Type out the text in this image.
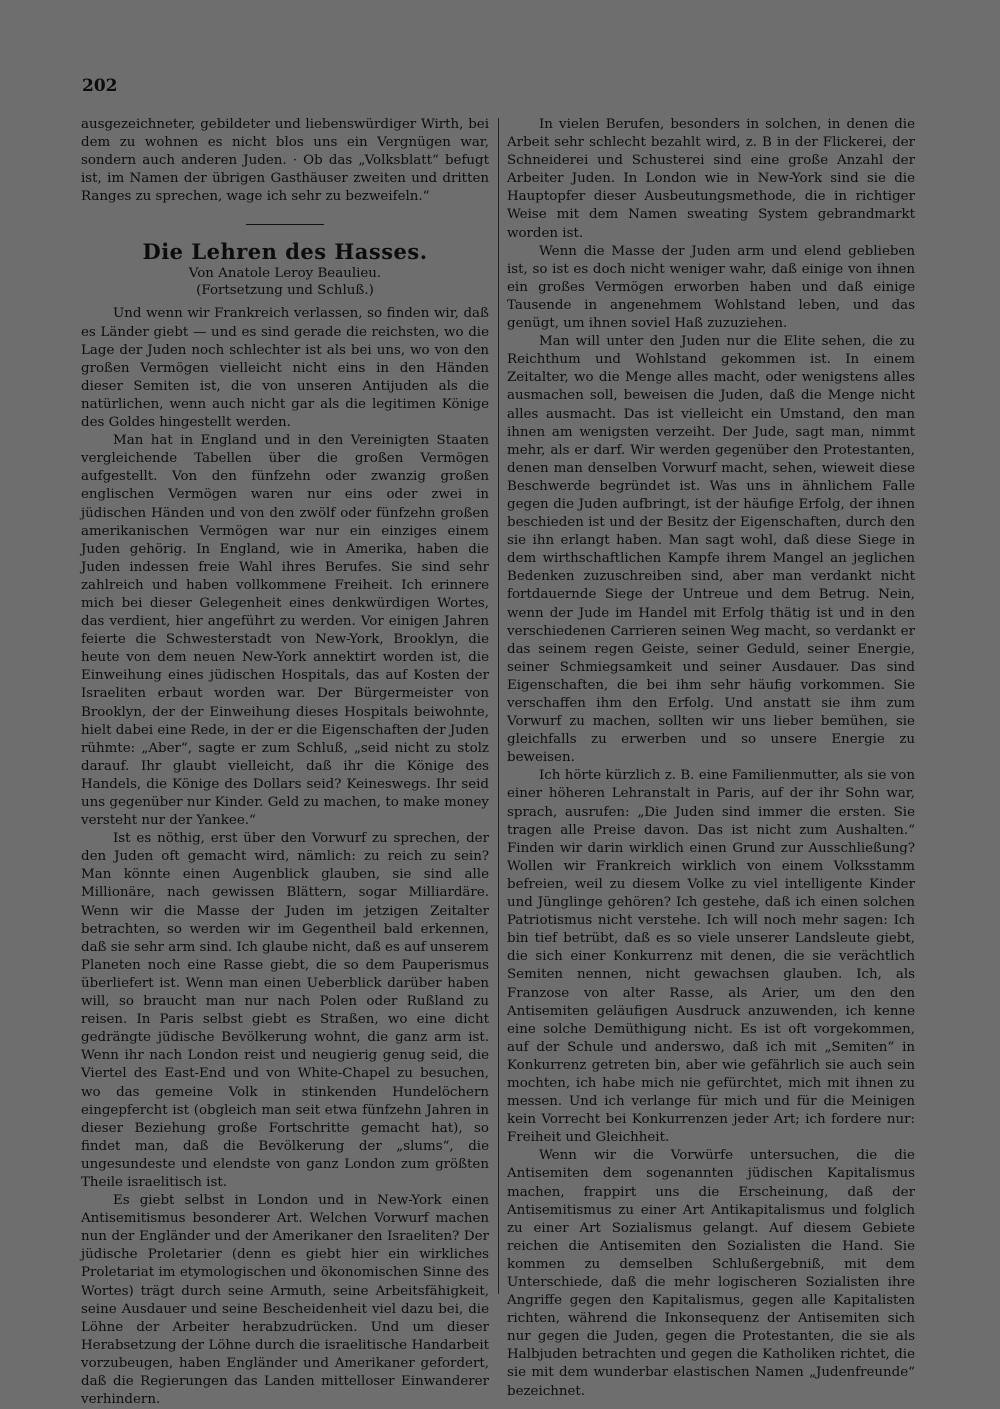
202

ausgezeichneter, gebildeter und liebenswürdiger Wirth, bei dem zu wohnen es nicht blos uns ein Vergnügen war, sondern auch anderen Juden. · Ob das „Volksblatt“ befugt ist, im Namen der übrigen Gasthäuser zweiten und dritten Ranges zu sprechen, wage ich sehr zu bezweifeln.“

Die Lehren des Hasses.

Von Anatole Leroy Beaulieu.

(Fortsetzung und Schluß.)

Und wenn wir Frankreich verlassen, so finden wir, daß es Länder giebt — und es sind gerade die reichsten, wo die Lage der Juden noch schlechter ist als bei uns, wo von den großen Vermögen vielleicht nicht eins in den Händen dieser Semiten ist, die von unseren Antijuden als die natürlichen, wenn auch nicht gar als die legitimen Könige des Goldes hingestellt werden.

Man hat in England und in den Vereinigten Staaten vergleichende Tabellen über die großen Vermögen aufgestellt. Von den fünfzehn oder zwanzig großen englischen Vermögen waren nur eins oder zwei in jüdischen Händen und von den zwölf oder fünfzehn großen amerikanischen Vermögen war nur ein einziges einem Juden gehörig. In England, wie in Amerika, haben die Juden indessen freie Wahl ihres Berufes. Sie sind sehr zahlreich und haben vollkommene Freiheit. Ich erinnere mich bei dieser Gelegenheit eines denkwürdigen Wortes, das verdient, hier angeführt zu werden. Vor einigen Jahren feierte die Schwesterstadt von New-York, Brooklyn, die heute von dem neuen New-York annektirt worden ist, die Einweihung eines jüdischen Hospitals, das auf Kosten der Israeliten erbaut worden war. Der Bürgermeister von Brooklyn, der der Einweihung dieses Hospitals beiwohnte, hielt dabei eine Rede, in der er die Eigenschaften der Juden rühmte: „Aber“, sagte er zum Schluß, „seid nicht zu stolz darauf. Ihr glaubt vielleicht, daß ihr die Könige des Handels, die Könige des Dollars seid? Keineswegs. Ihr seid uns gegenüber nur Kinder. Geld zu machen, to make money versteht nur der Yankee.“

Ist es nöthig, erst über den Vorwurf zu sprechen, der den Juden oft gemacht wird, nämlich: zu reich zu sein? Man könnte einen Augenblick glauben, sie sind alle Millionäre, nach gewissen Blättern, sogar Milliardäre. Wenn wir die Masse der Juden im jetzigen Zeitalter betrachten, so werden wir im Gegentheil bald erkennen, daß sie sehr arm sind. Ich glaube nicht, daß es auf unserem Planeten noch eine Rasse giebt, die so dem Pauperismus überliefert ist. Wenn man einen Ueberblick darüber haben will, so braucht man nur nach Polen oder Rußland zu reisen. In Paris selbst giebt es Straßen, wo eine dicht gedrängte jüdische Bevölkerung wohnt, die ganz arm ist. Wenn ihr nach London reist und neugierig genug seid, die Viertel des East-End und von White-Chapel zu besuchen, wo das gemeine Volk in stinkenden Hundelöchern eingepfercht ist (obgleich man seit etwa fünfzehn Jahren in dieser Beziehung große Fortschritte gemacht hat), so findet man, daß die Bevölkerung der „slums“, die ungesundeste und elendste von ganz London zum größten Theile israelitisch ist.

Es giebt selbst in London und in New-York einen Antisemitismus besonderer Art. Welchen Vorwurf machen nun der Engländer und der Amerikaner den Israeliten? Der jüdische Proletarier (denn es giebt hier ein wirkliches Proletariat im etymologischen und ökonomischen Sinne des Wortes) trägt durch seine Armuth, seine Arbeitsfähigkeit, seine Ausdauer und seine Bescheidenheit viel dazu bei, die Löhne der Arbeiter herabzudrücken. Und um dieser Herabsetzung der Löhne durch die israelitische Handarbeit vorzubeugen, haben Engländer und Amerikaner gefordert, daß die Regierungen das Landen mittelloser Einwanderer verhindern.

In vielen Berufen, besonders in solchen, in denen die Arbeit sehr schlecht bezahlt wird, z. B in der Flickerei, der Schneiderei und Schusterei sind eine große Anzahl der Arbeiter Juden. In London wie in New-York sind sie die Hauptopfer dieser Ausbeutungsmethode, die in richtiger Weise mit dem Namen sweating System gebrandmarkt worden ist.

Wenn die Masse der Juden arm und elend geblieben ist, so ist es doch nicht weniger wahr, daß einige von ihnen ein großes Vermögen erworben haben und daß einige Tausende in angenehmem Wohlstand leben, und das genügt, um ihnen soviel Haß zuzuziehen.

Man will unter den Juden nur die Elite sehen, die zu Reichthum und Wohlstand gekommen ist. In einem Zeitalter, wo die Menge alles macht, oder wenigstens alles ausmachen soll, beweisen die Juden, daß die Menge nicht alles ausmacht. Das ist vielleicht ein Umstand, den man ihnen am wenigsten verzeiht. Der Jude, sagt man, nimmt mehr, als er darf. Wir werden gegenüber den Protestanten, denen man denselben Vorwurf macht, sehen, wieweit diese Beschwerde begründet ist. Was uns in ähnlichem Falle gegen die Juden aufbringt, ist der häufige Erfolg, der ihnen beschieden ist und der Besitz der Eigenschaften, durch den sie ihn erlangt haben. Man sagt wohl, daß diese Siege in dem wirthschaftlichen Kampfe ihrem Mangel an jeglichen Bedenken zuzuschreiben sind, aber man verdankt nicht fortdauernde Siege der Untreue und dem Betrug. Nein, wenn der Jude im Handel mit Erfolg thätig ist und in den verschiedenen Carrieren seinen Weg macht, so verdankt er das seinem regen Geiste, seiner Geduld, seiner Energie, seiner Schmiegsamkeit und seiner Ausdauer. Das sind Eigenschaften, die bei ihm sehr häufig vorkommen. Sie verschaffen ihm den Erfolg. Und anstatt sie ihm zum Vorwurf zu machen, sollten wir uns lieber bemühen, sie gleichfalls zu erwerben und so unsere Energie zu beweisen.

Ich hörte kürzlich z. B. eine Familienmutter, als sie von einer höheren Lehranstalt in Paris, auf der ihr Sohn war, sprach, ausrufen: „Die Juden sind immer die ersten. Sie tragen alle Preise davon. Das ist nicht zum Aushalten.“ Finden wir darin wirklich einen Grund zur Ausschließung? Wollen wir Frankreich wirklich von einem Volksstamm befreien, weil zu diesem Volke zu viel intelligente Kinder und Jünglinge gehören? Ich gestehe, daß ich einen solchen Patriotismus nicht verstehe. Ich will noch mehr sagen: Ich bin tief betrübt, daß es so viele unserer Landsleute giebt, die sich einer Konkurrenz mit denen, die sie verächtlich Semiten nennen, nicht gewachsen glauben. Ich, als Franzose von alter Rasse, als Arier, um den den Antisemiten geläufigen Ausdruck anzuwenden, ich kenne eine solche Demüthigung nicht. Es ist oft vorgekommen, auf der Schule und anderswo, daß ich mit „Semiten“ in Konkurrenz getreten bin, aber wie gefährlich sie auch sein mochten, ich habe mich nie gefürchtet, mich mit ihnen zu messen. Und ich verlange für mich und für die Meinigen kein Vorrecht bei Konkurrenzen jeder Art; ich fordere nur: Freiheit und Gleichheit.

Wenn wir die Vorwürfe untersuchen, die die Antisemiten dem sogenannten jüdischen Kapitalismus machen, frappirt uns die Erscheinung, daß der Antisemitismus zu einer Art Antikapitalismus und folglich zu einer Art Sozialismus gelangt. Auf diesem Gebiete reichen die Antisemiten den Sozialisten die Hand. Sie kommen zu demselben Schlußergebniß, mit dem Unterschiede, daß die mehr logischeren Sozialisten ihre Angriffe gegen den Kapitalismus, gegen alle Kapitalisten richten, während die Inkonsequenz der Antisemiten sich nur gegen die Juden, gegen die Protestanten, die sie als Halbjuden betrachten und gegen die Katholiken richtet, die sie mit dem wunderbar elastischen Namen „Judenfreunde“ bezeichnet.
